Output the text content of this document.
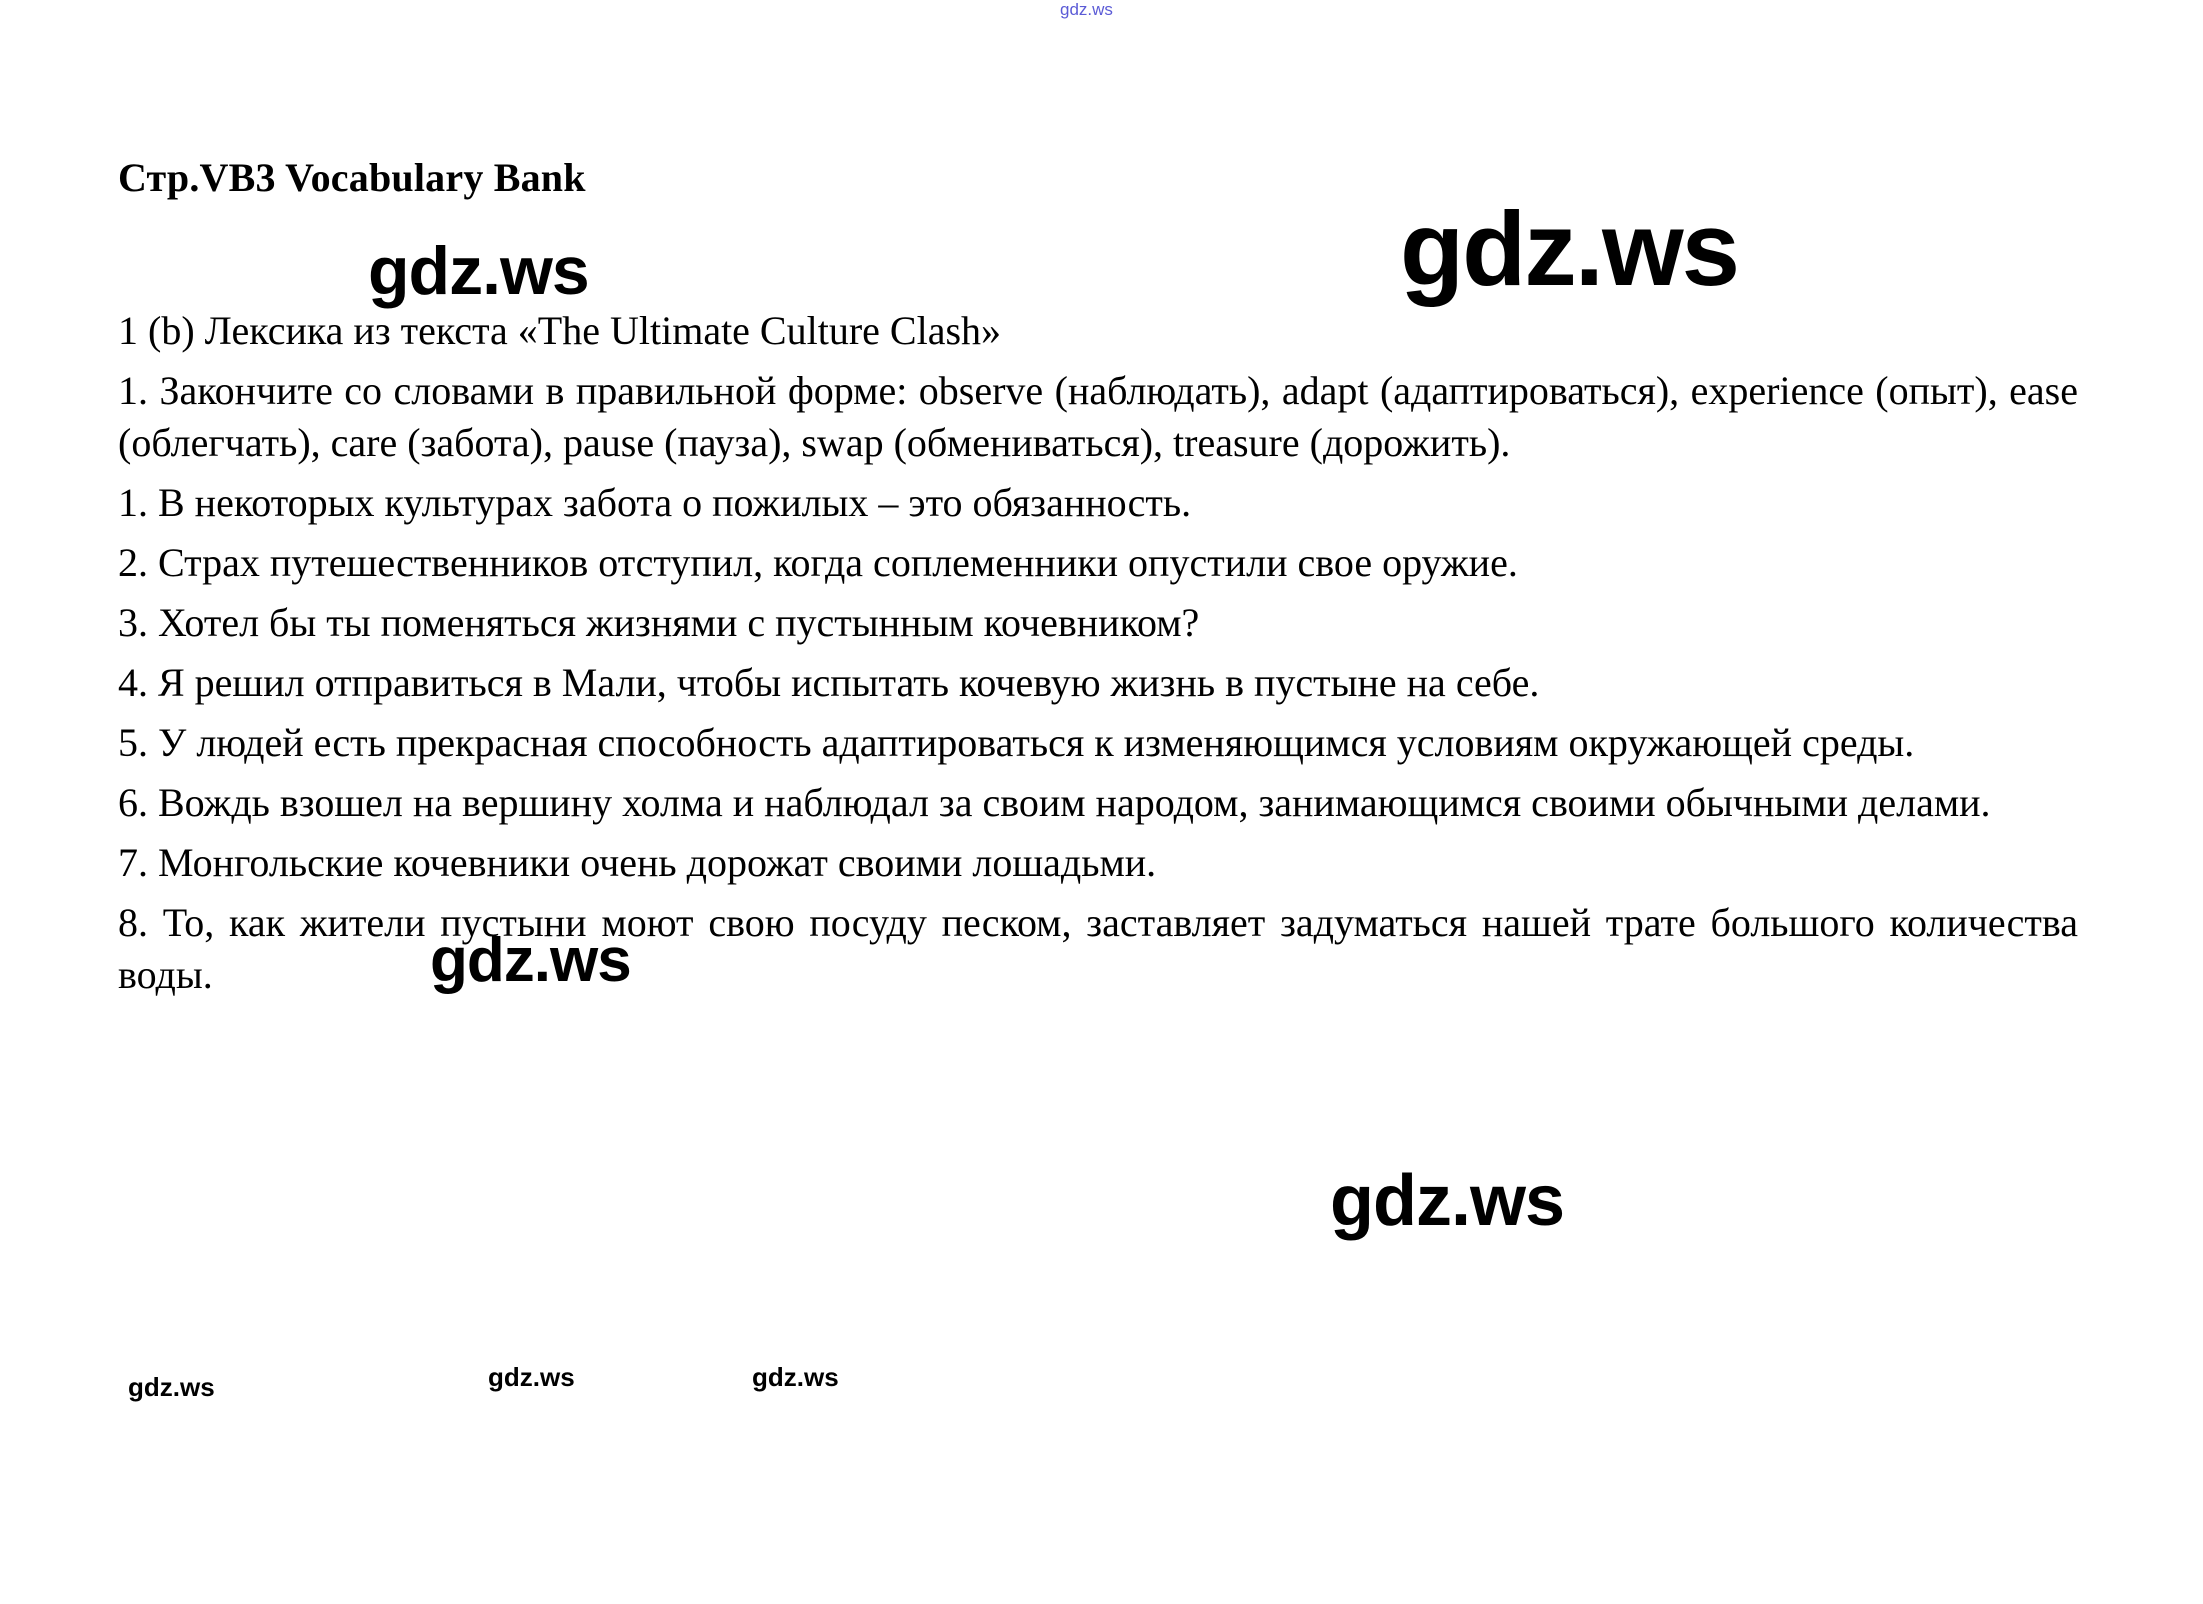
gdz.ws
gdz.ws	gdz.ws
gdz.ws
gdz.ws
gdz.ws	gdz.ws	gdz.ws
Стр.VB3 Vocabulary Bank

1 (b) Лексика из текста «The Ultimate Culture Clash»

1. Закончите со словами в правильной форме: observe (наблюдать), adapt (адаптироваться), experience (опыт), ease (облегчать), care (забота), pause (пауза), swap (обмениваться), treasure (дорожить).

1. В некоторых культурах забота о пожилых – это обязанность.

2. Страх путешественников отступил, когда соплеменники опустили свое оружие.

3. Хотел бы ты поменяться жизнями с пустынным кочевником?

4. Я решил отправиться в Мали, чтобы испытать кочевую жизнь в пустыне на себе.

5. У людей есть прекрасная способность адаптироваться к изменяющимся условиям окружающей среды.

6. Вождь взошел на вершину холма и наблюдал за своим народом, занимающимся своими обычными делами.

7. Монгольские кочевники очень дорожат своими лошадьми.

8. То, как жители пустыни моют свою посуду песком, заставляет задуматься нашей трате большого количества воды.
